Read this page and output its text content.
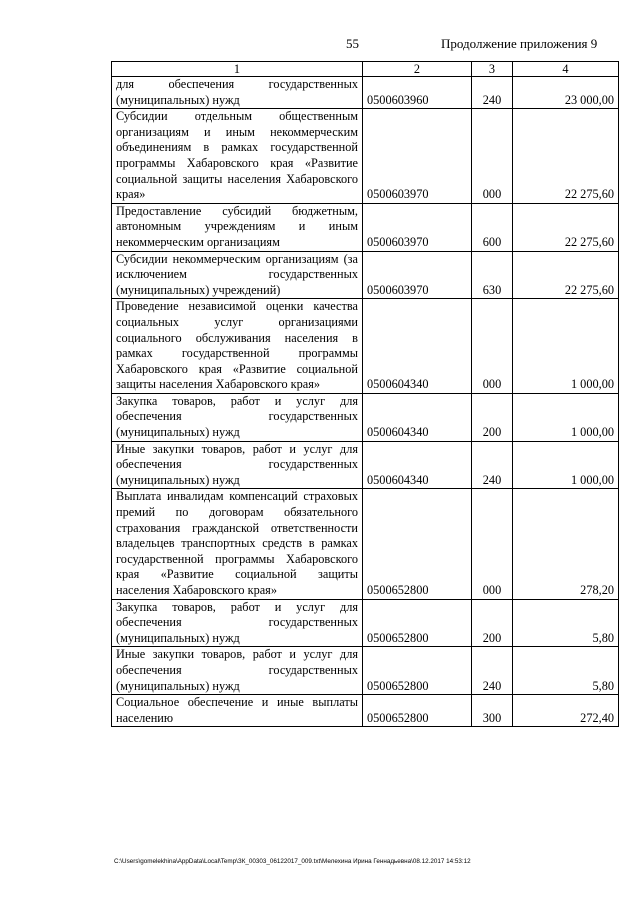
55	Продолжение приложения 9
1	2	3	4
для обеспечения государственных (муниципальных) нужд	0500603960	240	23 000,00
Субсидии отдельным общественным организациям и иным некоммерческим объединениям в рамках государственной программы Хабаровского края «Развитие социальной защиты населения Хабаровского края»	0500603970	000	22 275,60
Предоставление субсидий бюджетным, автономным учреждениям и иным некоммерческим организациям	0500603970	600	22 275,60
Субсидии некоммерческим организациям (за исключением государственных (муниципальных) учреждений)	0500603970	630	22 275,60
Проведение независимой оценки качества социальных услуг организациями социального обслуживания населения в рамках государственной программы Хабаровского края «Развитие социальной защиты населения Хабаровского края»	0500604340	000	1 000,00
Закупка товаров, работ и услуг для обеспечения государственных (муниципальных) нужд	0500604340	200	1 000,00
Иные закупки товаров, работ и услуг для обеспечения государственных (муниципальных) нужд	0500604340	240	1 000,00
Выплата инвалидам компенсаций страховых премий по договорам обязательного страхования гражданской ответственности владельцев транспортных средств в рамках государственной программы Хабаровского края «Развитие социальной защиты населения Хабаровского края»	0500652800	000	278,20
Закупка товаров, работ и услуг для обеспечения государственных (муниципальных) нужд	0500652800	200	5,80
Иные закупки товаров, работ и услуг для обеспечения государственных (муниципальных) нужд	0500652800	240	5,80
Социальное обеспечение и иные выплаты населению	0500652800	300	272,40
C:\Users\gomelekhina\AppData\Local\Temp\ЗК_00303_06122017_009.txt\Мелехина Ирина Геннадьевна\08.12.2017 14:53:12
